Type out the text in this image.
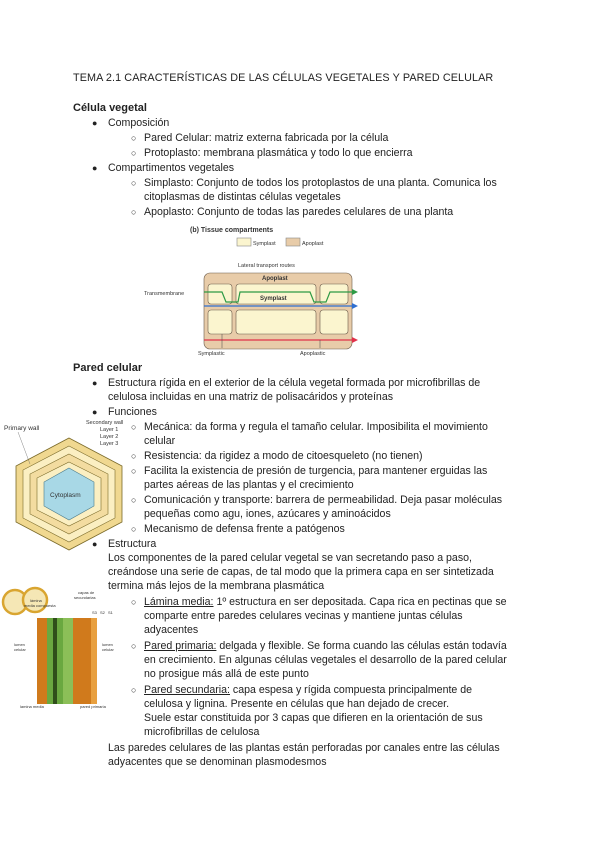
TEMA 2.1 CARACTERÍSTICAS DE LAS CÉLULAS VEGETALES Y PARED CELULAR
Célula vegetal
● Composición
○ Pared Celular: matriz externa fabricada por la célula
○ Protoplasto: membrana plasmática y todo lo que encierra
● Compartimentos vegetales
○ Simplasto: Conjunto de todos los protoplastos de una planta. Comunica los
citoplasmas de distintas células vegetales
○ Apoplasto: Conjunto de todas las paredes celulares de una planta
(b) Tissue compartments
Symplast	Apoplast
Lateral transport routes
Apoplast
Symplast
Transmembrane
Symplastic	Apoplastic
Pared celular
● Estructura rígida en el exterior de la célula vegetal formada por microfibrillas de
celulosa incluidas en una matriz de polisacáridos y proteínas
● Funciones
○ Mecánica: da forma y regula el tamaño celular. Imposibilita el movimiento
celular
○ Resistencia: da rigidez a modo de citoesqueleto (no tienen)
○ Facilita la existencia de presión de turgencia, para mantener erguidas las
partes aéreas de las plantas y el crecimiento
○ Comunicación y transporte: barrera de permeabilidad. Deja pasar moléculas
pequeñas como agu, iones, azúcares y aminoácidos
○ Mecanismo de defensa frente a patógenos
● Estructura
Los componentes de la pared celular vegetal se van secretando paso a paso,
creándose una serie de capas, de tal modo que la primera capa en ser sintetizada
termina más lejos de la membrana plasmática
○ Lámina media: 1º estructura en ser depositada. Capa rica en pectinas que se
comparte entre paredes celulares vecinas y mantiene juntas células
adyacentes
○ Pared primaria: delgada y flexible. Se forma cuando las células están todavía
en crecimiento. En algunas células vegetales el desarrollo de la pared celular
no prosigue más allá de este punto
○ Pared secundaria: capa espesa y rígida compuesta principalmente de
celulosa y lignina. Presente en células que han dejado de crecer.
Suele estar constituida por 3 capas que difieren en la orientación de sus
microfibrillas de celulosa
Las paredes celulares de las plantas están perforadas por canales entre las células
adyacentes que se denominan plasmodesmos
Primary wall
Secondary wall
Layer 1
Layer 2
Layer 3
Cytoplasm
lámina
media compuesta
capas de
secundarias
S3 S2 S1
lumen
celular
lumen
celular
lamina media	pared primaria
